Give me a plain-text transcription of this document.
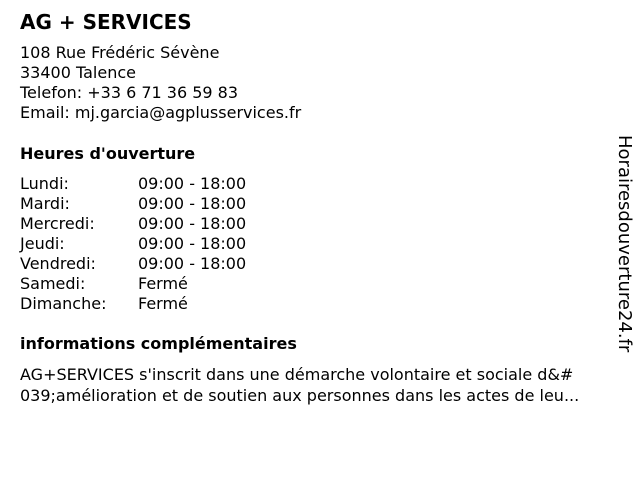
AG + SERVICES
108 Rue Frédéric Sévène
33400 Talence
Telefon: +33 6 71 36 59 83
Email: mj.garcia@agplusservices.fr
Heures d'ouverture
Lundi:	09:00 - 18:00
Mardi:	09:00 - 18:00
Mercredi:	09:00 - 18:00
Jeudi:	09:00 - 18:00
Vendredi:	09:00 - 18:00
Samedi:	Fermé
Dimanche:	Fermé
informations complémentaires
AG+SERVICES s'inscrit dans une démarche volontaire et sociale d&#
039;amélioration et de soutien aux personnes dans les actes de leu...
Horairesdouverture24.fr
